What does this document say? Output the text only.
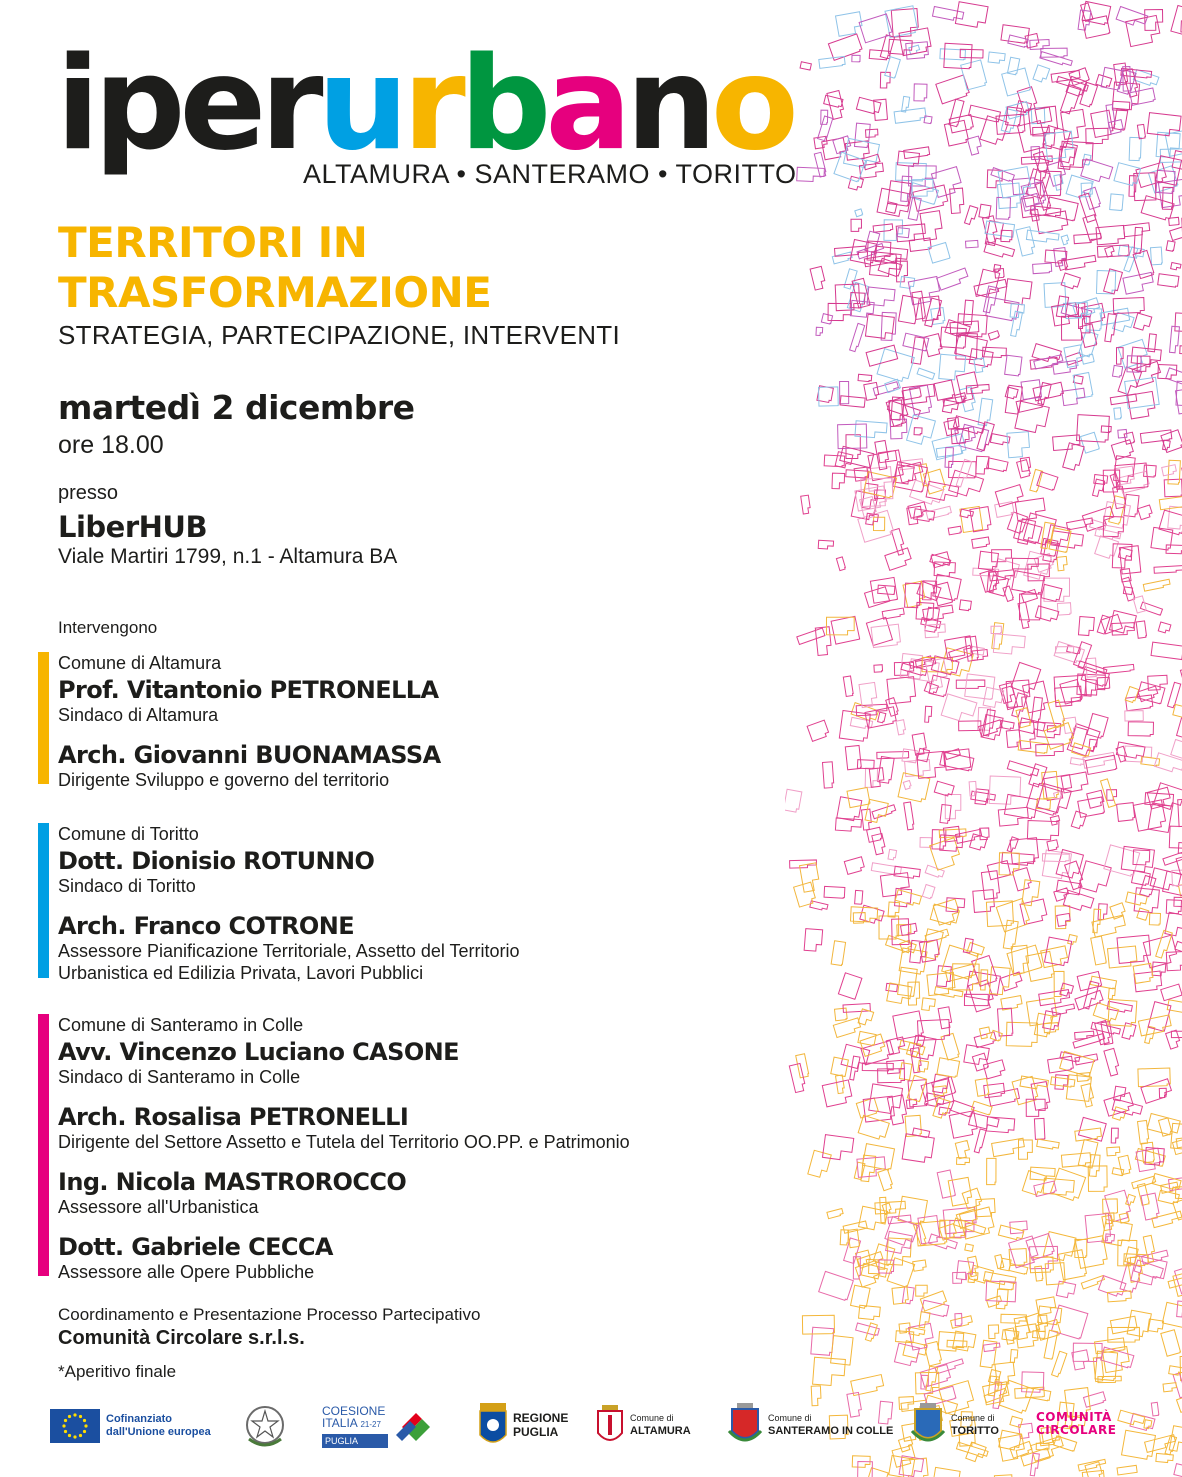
iperurbano
ALTAMURA • SANTERAMO • TORITTO
TERRITORI IN
TRASFORMAZIONE
STRATEGIA, PARTECIPAZIONE, INTERVENTI
martedì 2 dicembre
ore 18.00
presso
LiberHUB
Viale Martiri 1799, n.1 - Altamura BA
Intervengono
Comune di Altamura
Prof. Vitantonio PETRONELLA
Sindaco di Altamura
Arch. Giovanni BUONAMASSA
Dirigente Sviluppo e governo del territorio
Comune di Toritto
Dott. Dionisio ROTUNNO
Sindaco di Toritto
Arch. Franco COTRONE
Assessore Pianificazione Territoriale, Assetto del Territorio
Urbanistica ed Edilizia Privata, Lavori Pubblici
Comune di Santeramo in Colle
Avv. Vincenzo Luciano CASONE
Sindaco di Santeramo in Colle
Arch. Rosalisa PETRONELLI
Dirigente del Settore Assetto e Tutela del Territorio OO.PP. e Patrimonio
Ing. Nicola MASTROROCCO
Assessore all'Urbanistica
Dott. Gabriele CECCA
Assessore alle Opere Pubbliche
Coordinamento e Presentazione Processo Partecipativo
Comunità Circolare s.r.l.s.
*Aperitivo finale
Cofinanziato
dall'Unione europea
COESIONE
ITALIA 21-27
PUGLIA
REGIONE
PUGLIA
Comune di
ALTAMURA
Comune di
SANTERAMO IN COLLE
Comune di
TORITTO
COMUNITÀ
CIRCOLARE
